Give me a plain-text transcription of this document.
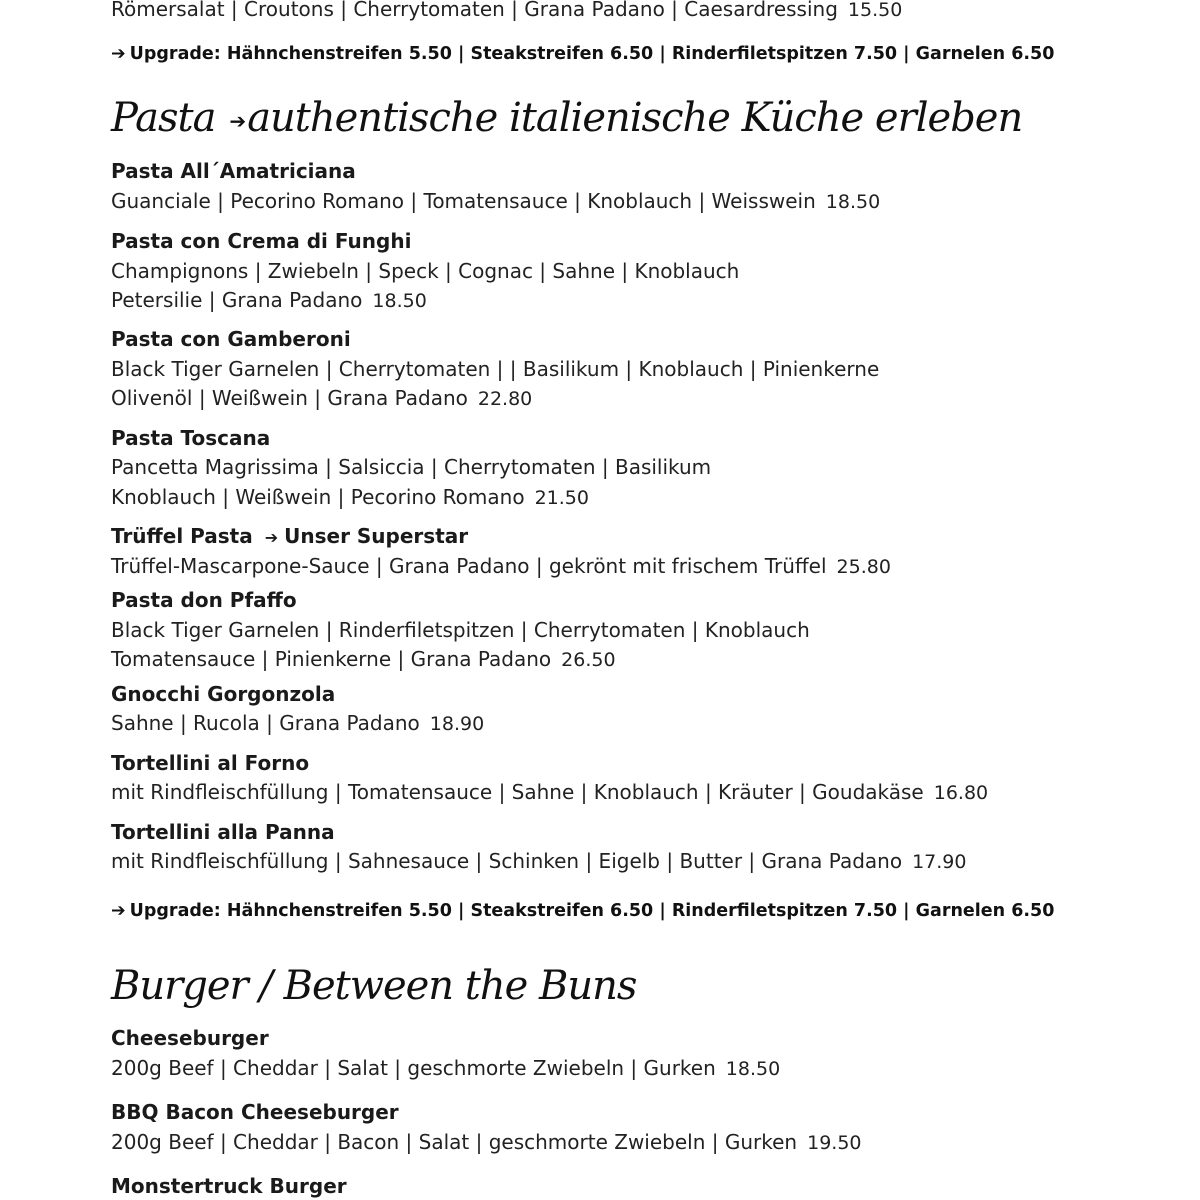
Römersalat | Croutons | Cherrytomaten | Grana Padano | Caesardressing 15.50
➔ Upgrade: Hähnchenstreifen 5.50 | Steakstreifen 6.50 | Rinderfiletspitzen 7.50 | Garnelen 6.50
Pasta ➔authentische italienische Küche erleben
Pasta All´Amatriciana
Guanciale | Pecorino Romano | Tomatensauce | Knoblauch | Weisswein 18.50
Pasta con Crema di Funghi
Champignons | Zwiebeln | Speck | Cognac | Sahne | Knoblauch
Petersilie | Grana Padano 18.50
Pasta con Gamberoni
Black Tiger Garnelen | Cherrytomaten | | Basilikum | Knoblauch | Pinienkerne
Olivenöl | Weißwein | Grana Padano 22.80
Pasta Toscana
Pancetta Magrissima | Salsiccia | Cherrytomaten | Basilikum
Knoblauch | Weißwein | Pecorino Romano 21.50
Trüffel Pasta ➔ Unser Superstar
Trüffel-Mascarpone-Sauce | Grana Padano | gekrönt mit frischem Trüffel 25.80
Pasta don Pfaffo
Black Tiger Garnelen | Rinderfiletspitzen | Cherrytomaten | Knoblauch
Tomatensauce | Pinienkerne | Grana Padano 26.50
Gnocchi Gorgonzola
Sahne | Rucola | Grana Padano 18.90
Tortellini al Forno
mit Rindfleischfüllung | Tomatensauce | Sahne | Knoblauch | Kräuter | Goudakäse 16.80
Tortellini alla Panna
mit Rindfleischfüllung | Sahnesauce | Schinken | Eigelb | Butter | Grana Padano 17.90
➔ Upgrade: Hähnchenstreifen 5.50 | Steakstreifen 6.50 | Rinderfiletspitzen 7.50 | Garnelen 6.50
Burger / Between the Buns
Cheeseburger
200g Beef | Cheddar | Salat | geschmorte Zwiebeln | Gurken 18.50
BBQ Bacon Cheeseburger
200g Beef | Cheddar | Bacon | Salat | geschmorte Zwiebeln | Gurken 19.50
Monstertruck Burger
